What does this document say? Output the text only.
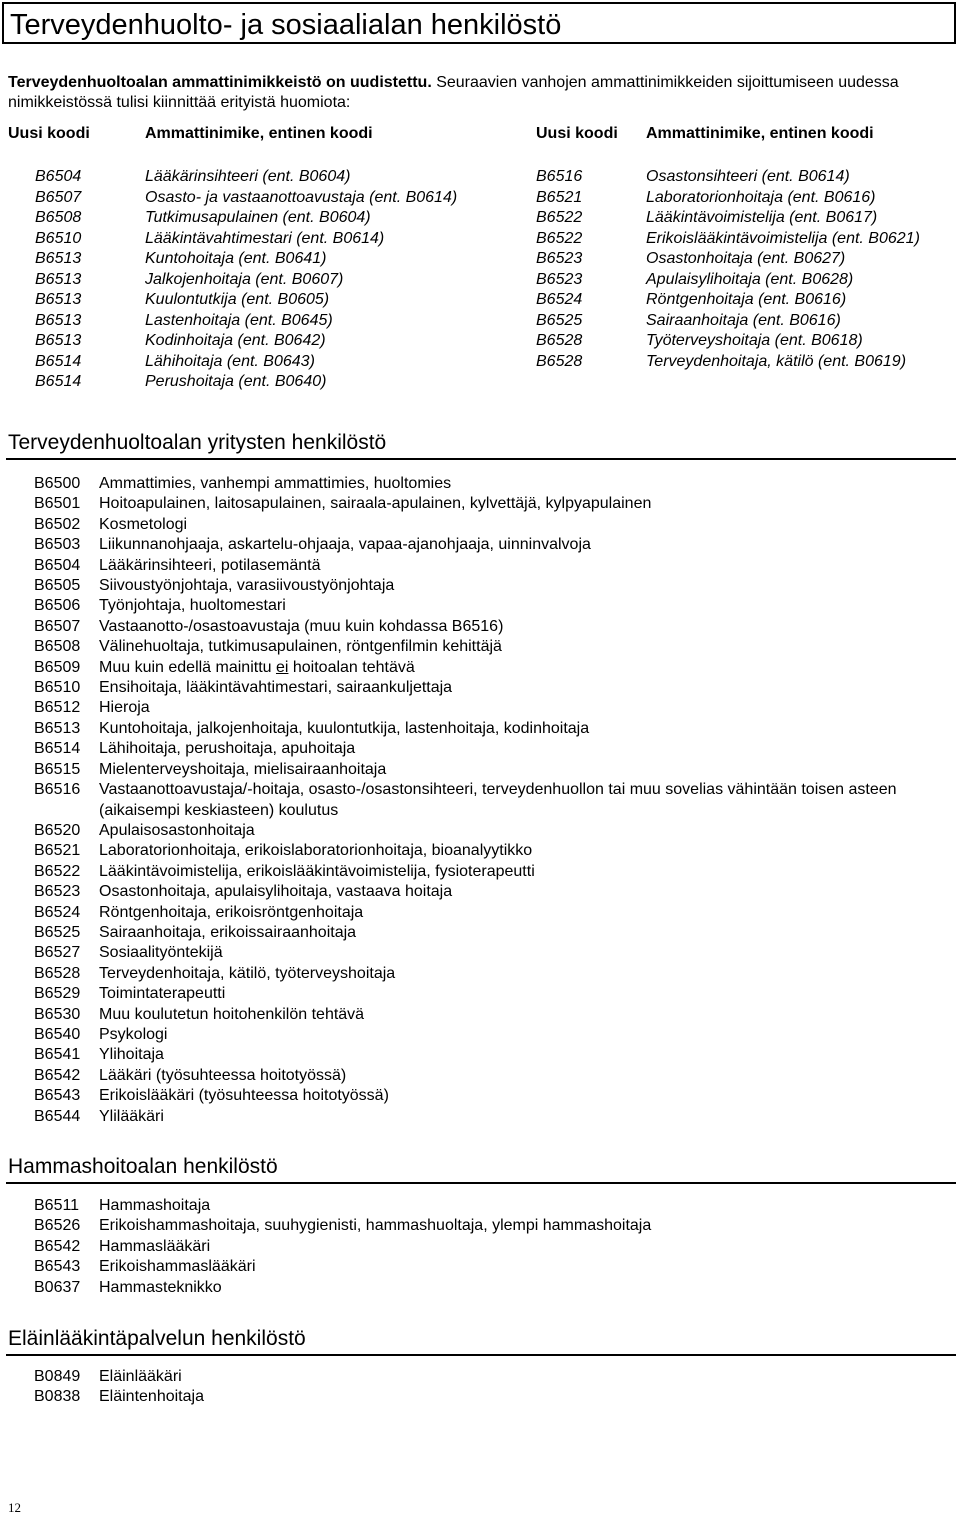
Terveydenhuolto- ja sosiaalialan henkilöstö
Terveydenhuoltoalan ammattinimikkeistö on uudistettu. Seuraavien vanhojen ammattinimikkeiden sijoittumiseen uudessa nimikkeistössä tulisi kiinnittää erityistä huomiota:
Uusi koodi	Ammattinimike, entinen koodi	Uusi koodi Ammattinimike, entinen koodi
B6504	Lääkärinsihteeri (ent. B0604)
B6507	Osasto- ja vastaanottoavustaja (ent. B0614)
B6508	Tutkimusapulainen (ent. B0604)
B6510	Lääkintävahtimestari (ent. B0614)
B6513	Kuntohoitaja (ent. B0641)
B6513	Jalkojenhoitaja (ent. B0607)
B6513	Kuulontutkija (ent. B0605)
B6513	Lastenhoitaja (ent. B0645)
B6513	Kodinhoitaja (ent. B0642)
B6514	Lähihoitaja (ent. B0643)
B6514	Perushoitaja (ent. B0640)
B6516	Osastonsihteeri (ent. B0614)
B6521	Laboratorionhoitaja (ent. B0616)
B6522	Lääkintävoimistelija (ent. B0617)
B6522	Erikoislääkintävoimistelija (ent. B0621)
B6523	Osastonhoitaja (ent. B0627)
B6523	Apulaisylihoitaja (ent. B0628)
B6524	Röntgenhoitaja (ent. B0616)
B6525	Sairaanhoitaja (ent. B0616)
B6528	Työterveyshoitaja (ent. B0618)
B6528	Terveydenhoitaja, kätilö (ent. B0619)
Terveydenhuoltoalan yritysten henkilöstö
B6500	Ammattimies, vanhempi ammattimies, huoltomies
B6501	Hoitoapulainen, laitosapulainen, sairaala-apulainen, kylvettäjä, kylpyapulainen
B6502	Kosmetologi
B6503	Liikunnanohjaaja, askartelu-ohjaaja, vapaa-ajanohjaaja, uinninvalvoja
B6504	Lääkärinsihteeri, potilasemäntä
B6505	Siivoustyönjohtaja, varasiivoustyönjohtaja
B6506	Työnjohtaja, huoltomestari
B6507	Vastaanotto-/osastoavustaja (muu kuin kohdassa B6516)
B6508	Välinehuoltaja, tutkimusapulainen, röntgenfilmin kehittäjä
B6509	Muu kuin edellä mainittu ei hoitoalan tehtävä
B6510	Ensihoitaja, lääkintävahtimestari, sairaankuljettaja
B6512	Hieroja
B6513	Kuntohoitaja, jalkojenhoitaja, kuulontutkija, lastenhoitaja, kodinhoitaja
B6514	Lähihoitaja, perushoitaja, apuhoitaja
B6515	Mielenterveyshoitaja, mielisairaanhoitaja
B6516	Vastaanottoavustaja/-hoitaja, osasto-/osastonsihteeri, terveydenhuollon tai muu sovelias vähintään toisen asteen (aikaisempi keskiasteen) koulutus
B6520	Apulaisosastonhoitaja
B6521	Laboratorionhoitaja, erikoislaboratorionhoitaja, bioanalyytikko
B6522	Lääkintävoimistelija, erikoislääkintävoimistelija, fysioterapeutti
B6523	Osastonhoitaja, apulaisylihoitaja, vastaava hoitaja
B6524	Röntgenhoitaja, erikoisröntgenhoitaja
B6525	Sairaanhoitaja, erikoissairaanhoitaja
B6527	Sosiaalityöntekijä
B6528	Terveydenhoitaja, kätilö, työterveyshoitaja
B6529	Toimintaterapeutti
B6530	Muu koulutetun hoitohenkilön tehtävä
B6540	Psykologi
B6541	Ylihoitaja
B6542	Lääkäri (työsuhteessa hoitotyössä)
B6543	Erikoislääkäri (työsuhteessa hoitotyössä)
B6544	Ylilääkäri
Hammashoitoalan henkilöstö
B6511	Hammashoitaja
B6526	Erikoishammashoitaja, suuhygienisti, hammashuoltaja, ylempi hammashoitaja
B6542	Hammaslääkäri
B6543	Erikoishammaslääkäri
B0637	Hammasteknikko
Eläinlääkintäpalvelun henkilöstö
B0849	Eläinlääkäri
B0838	Eläintenhoitaja
12
